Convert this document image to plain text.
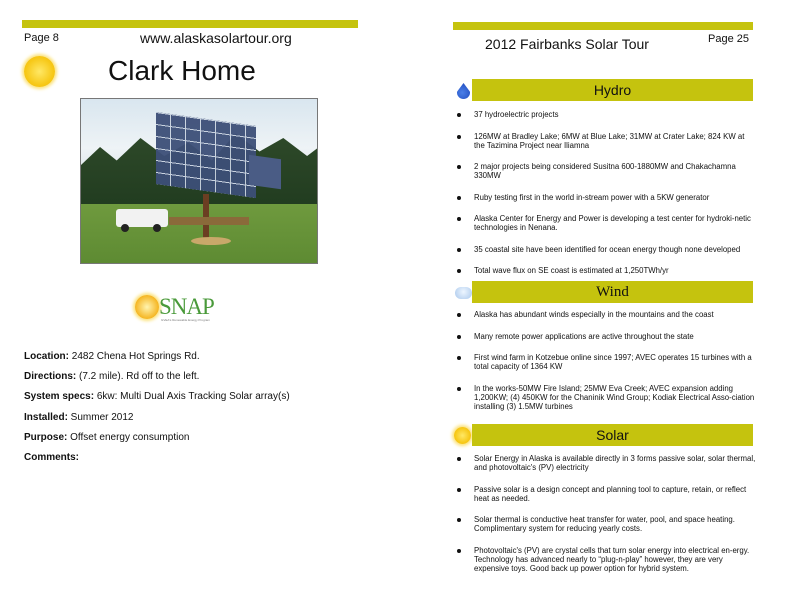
Page 8	www.alaskasolartour.org
Clark Home
SNAP
GVEA's Renewable Energy Program
Location: 2482 Chena Hot Springs Rd.
Directions: (7.2 mile). Rd off to the left.
System specs: 6kw: Multi Dual Axis Tracking Solar array(s)
Installed: Summer 2012
Purpose: Offset energy consumption
Comments:
2012 Fairbanks Solar Tour	Page 25
Hydro
37 hydroelectric projects
126MW at Bradley Lake; 6MW at Blue Lake; 31MW at Crater Lake; 824 KW at the Tazimina Project near Iliamna
2 major projects being considered Susitna 600-1880MW and Chakachamna 330MW
Ruby testing first in the world in-stream power with a 5KW generator
Alaska Center for Energy and Power is developing a test center for hydroki-netic technologies in Nenana.
35 coastal site have been identified for ocean energy though none developed
Total wave flux on SE coast is estimated at 1,250TWh/yr
Wind
Alaska has abundant winds especially in the mountains and the coast
Many remote power applications are active throughout the state
First wind farm in Kotzebue online since 1997; AVEC operates 15 turbines with a total capacity of 1364 KW
In the works-50MW Fire Island; 25MW Eva Creek; AVEC expansion adding 1,200KW; (4) 450KW for the Chaninik Wind Group; Kodiak Electrical Asso-ciation installing (3) 1.5MW turbines
Solar
Solar Energy in Alaska is available directly in 3 forms passive solar, solar thermal, and photovoltaic's (PV) electricity
Passive solar is a design concept and planning tool to capture, retain, or reflect heat as needed.
Solar thermal is conductive heat transfer for water, pool, and space heating. Complimentary system for reducing yearly costs.
Photovoltaic's (PV) are crystal cells that turn solar energy into electrical en-ergy. Technology has advanced nearly to “plug-n-play” however, they are very expensive toys. Good back up power option for hybrid system.
